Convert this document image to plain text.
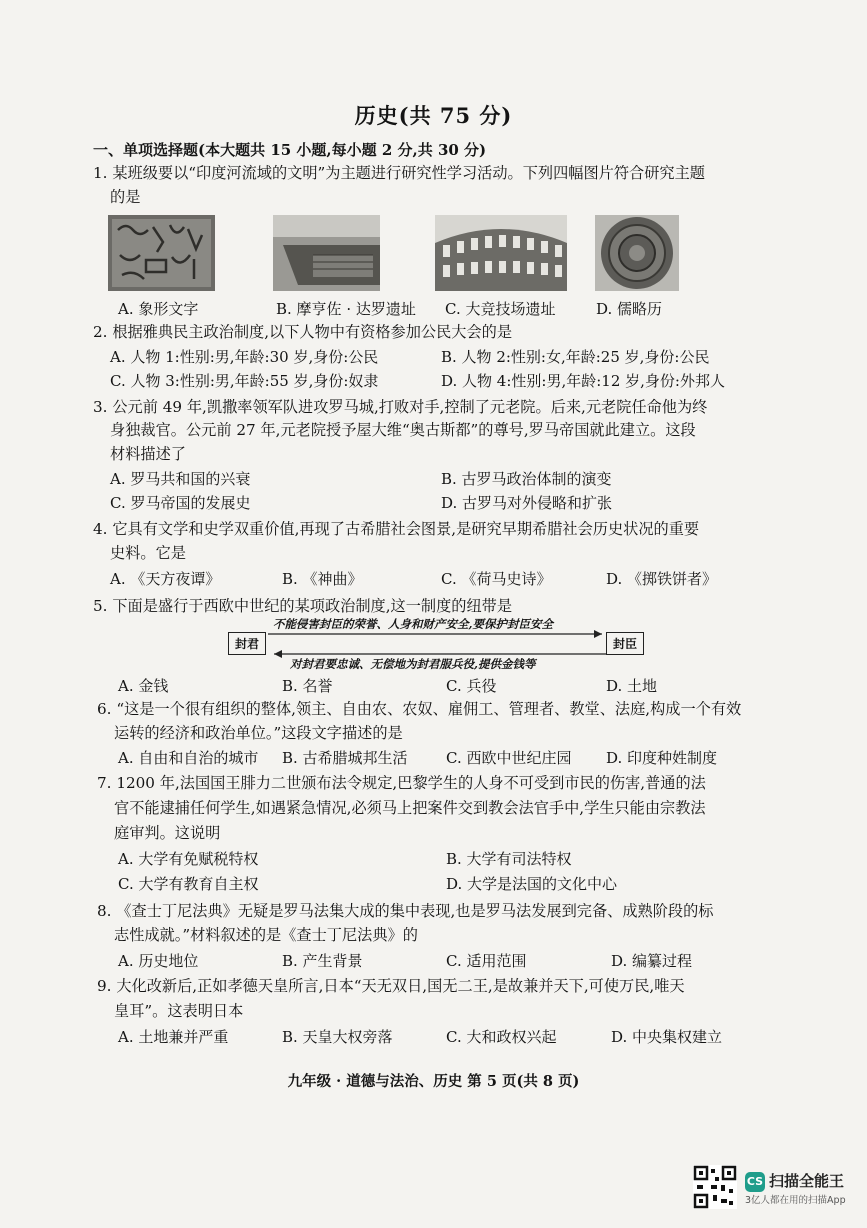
历史(共 75 分)
一、单项选择题(本大题共 15 小题,每小题 2 分,共 30 分)
1. 某班级要以“印度河流域的文明”为主题进行研究性学习活动。下列四幅图片符合研究主题
的是
A. 象形文字	B. 摩亨佐 · 达罗遗址 C. 大竞技场遗址	D. 儒略历
2. 根据雅典民主政治制度,以下人物中有资格参加公民大会的是
A. 人物 1:性别:男,年龄:30 岁,身份:公民	B. 人物 2:性别:女,年龄:25 岁,身份:公民
C. 人物 3:性别:男,年龄:55 岁,身份:奴隶	D. 人物 4:性别:男,年龄:12 岁,身份:外邦人
3. 公元前 49 年,凯撒率领军队进攻罗马城,打败对手,控制了元老院。后来,元老院任命他为终
身独裁官。公元前 27 年,元老院授予屋大维“奥古斯都”的尊号,罗马帝国就此建立。这段
材料描述了
A. 罗马共和国的兴衰	B. 古罗马政治体制的演变
C. 罗马帝国的发展史	D. 古罗马对外侵略和扩张
4. 它具有文学和史学双重价值,再现了古希腊社会图景,是研究早期希腊社会历史状况的重要
史料。它是
A. 《天方夜谭》	B. 《神曲》	C. 《荷马史诗》	D. 《掷铁饼者》
5. 下面是盛行于西欧中世纪的某项政治制度,这一制度的纽带是
封君	封臣
不能侵害封臣的荣誉、人身和财产安全,要保护封臣安全
对封君要忠诚、无偿地为封君服兵役,提供金钱等
A. 金钱	B. 名誉	C. 兵役	D. 土地
6. “这是一个很有组织的整体,领主、自由农、农奴、雇佣工、管理者、教堂、法庭,构成一个有效
运转的经济和政治单位。”这段文字描述的是
A. 自由和自治的城市 B. 古希腊城邦生活	C. 西欧中世纪庄园 D. 印度种姓制度
7. 1200 年,法国国王腓力二世颁布法令规定,巴黎学生的人身不可受到市民的伤害,普通的法
官不能逮捕任何学生,如遇紧急情况,必须马上把案件交到教会法官手中,学生只能由宗教法
庭审判。这说明
A. 大学有免赋税特权	B. 大学有司法特权
C. 大学有教育自主权	D. 大学是法国的文化中心
8. 《查士丁尼法典》无疑是罗马法集大成的集中表现,也是罗马法发展到完备、成熟阶段的标
志性成就。”材料叙述的是《查士丁尼法典》的
A. 历史地位	B. 产生背景	C. 适用范围	D. 编纂过程
9. 大化改新后,正如孝德天皇所言,日本“天无双日,国无二王,是故兼并天下,可使万民,唯天
皇耳”。这表明日本
A. 土地兼并严重	B. 天皇大权旁落	C. 大和政权兴起	D. 中央集权建立
九年级 · 道德与法治、历史 第 5 页(共 8 页)
CS 扫描全能王
3亿人都在用的扫描App
